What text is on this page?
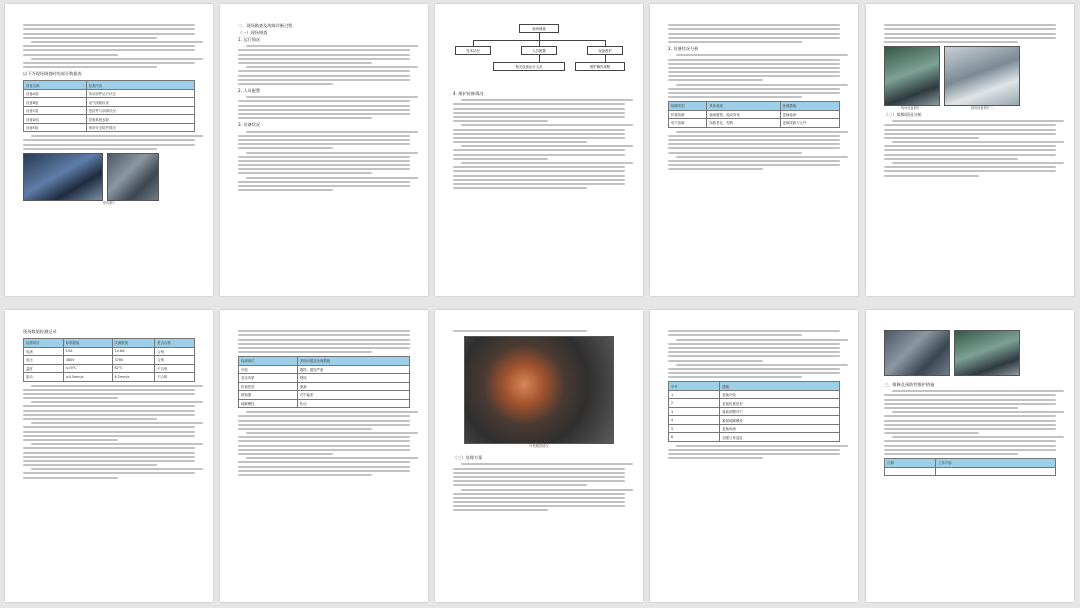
以下为现场调查时的部分数据表
设备名称	检查内容
设备A组	传动部件运行状态
设备B组	电气线路检查
设备C组	密封件与润滑状况
设备D组	控制系统参数
设备E组	现场安全防护情况
现场照片
二、现场勘查及故障诊断过程
（一）现场调查
1. 运行情况
2. 人员配置
3. 设备状况
现场调查
技术状况	人员配置	设备维护
相关设备运行人员	维护操作规程
4. 维护检修情况
2. 设备状况分析
故障类型	具体表现	处理措施
机械故障	轴承磨损、振动异常	更换轴承
电气故障	线路老化、短路	更换线路与元件
现场设备照片一	现场设备照片二
（二）故障原因分析
现场数据检测记录
检测项目	标准数值	实测数值	是否合格
电流	15A	14.8A	合格
电压	380V	376V	合格
温度	≤70℃	82℃	不合格
振动	≤4.5mm/s	6.2mm/s	不合格
检测部位	发现问题及处理措施
叶轮	磨损、腐蚀严重
泵壳内壁	锈蚀
机械密封	泄漏
联轴器	对中偏差
地脚螺栓	松动
叶轮磨损情况
（三）处理方案
序号	措施
1	更换叶轮
2	更换机械密封
3	重新调整对中
4	紧固地脚螺栓
5	更换轴承
6	加强日常巡检
三、维修及预防性维护措施
日期	工作内容
